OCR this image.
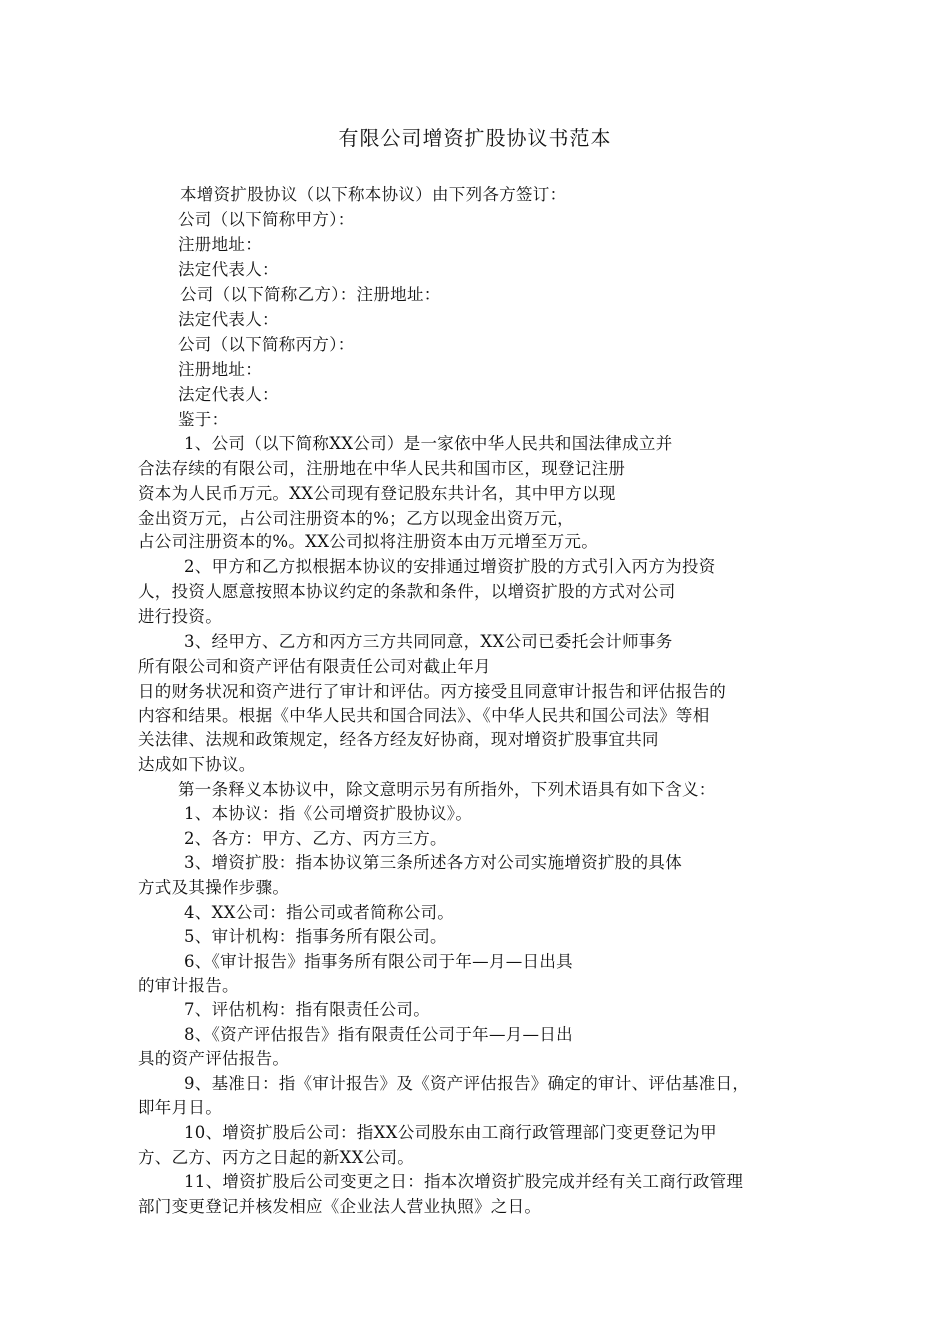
有限公司增资扩股协议书范本
本增资扩股协议（以下称本协议）由下列各方签订：
公司（以下简称甲方）：
注册地址：
法定代表人：
公司（以下简称乙方）：注册地址：
法定代表人：
公司（以下简称丙方）：
注册地址：
法定代表人：
鉴于：
1、公司（以下简称XX公司）是一家依中华人民共和国法律成立并
合法存续的有限公司，注册地在中华人民共和国市区，现登记注册
资本为人民币万元。XX公司现有登记股东共计名，其中甲方以现
金出资万元，占公司注册资本的%；乙方以现金出资万元，
占公司注册资本的%。XX公司拟将注册资本由万元增至万元。
2、甲方和乙方拟根据本协议的安排通过增资扩股的方式引入丙方为投资
人，投资人愿意按照本协议约定的条款和条件，以增资扩股的方式对公司
进行投资。
3、经甲方、乙方和丙方三方共同同意，XX公司已委托会计师事务
所有限公司和资产评估有限责任公司对截止年月
日的财务状况和资产进行了审计和评估。丙方接受且同意审计报告和评估报告的
内容和结果。根据《中华人民共和国合同法》、《中华人民共和国公司法》等相
关法律、法规和政策规定，经各方经友好协商，现对增资扩股事宜共同
达成如下协议。
第一条释义本协议中，除文意明示另有所指外，下列术语具有如下含义：
1、本协议：指《公司增资扩股协议》。
2、各方：甲方、乙方、丙方三方。
3、增资扩股：指本协议第三条所述各方对公司实施增资扩股的具体
方式及其操作步骤。
4、XX公司：指公司或者简称公司。
5、审计机构：指事务所有限公司。
6、《审计报告》指事务所有限公司于年—月—日出具
的审计报告。
7、评估机构：指有限责任公司。
8、《资产评估报告》指有限责任公司于年—月—日出
具的资产评估报告。
9、基准日：指《审计报告》及《资产评估报告》确定的审计、评估基准日，
即年月日。
10、增资扩股后公司：指XX公司股东由工商行政管理部门变更登记为甲
方、乙方、丙方之日起的新XX公司。
11、增资扩股后公司变更之日：指本次增资扩股完成并经有关工商行政管理
部门变更登记并核发相应《企业法人营业执照》之日。
